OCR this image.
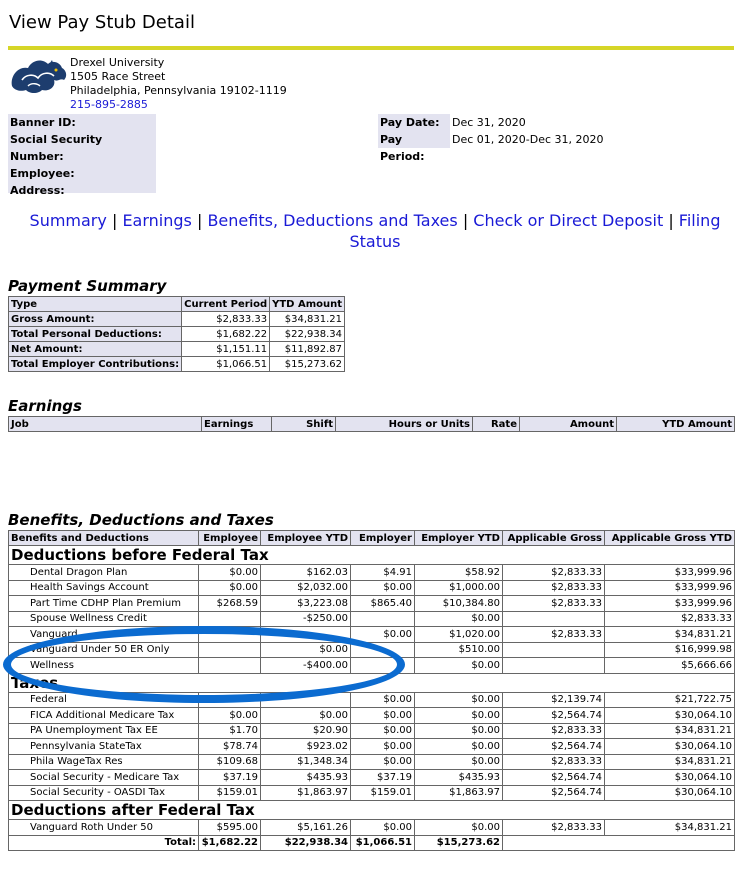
View Pay Stub Detail
Drexel University
1505 Race Street
Philadelphia, Pennsylvania 19102-1119
215-895-2885
Banner ID:
Social Security Number:
Employee:
Address:
Pay Date:
Pay Period:
Dec 31, 2020
Dec 01, 2020-Dec 31, 2020
Summary | Earnings | Benefits, Deductions and Taxes | Check or Direct Deposit | Filing Status
Payment Summary
Type	Current Period	YTD Amount
Gross Amount:	$2,833.33	$34,831.21
Total Personal Deductions:	$1,682.22	$22,938.34
Net Amount:	$1,151.11	$11,892.87
Total Employer Contributions:	$1,066.51	$15,273.62
Earnings
Job	Earnings	Shift	Hours or Units	Rate	Amount	YTD Amount
Benefits, Deductions and Taxes
Benefits and Deductions	Employee	Employee YTD	Employer	Employer YTD	Applicable Gross	Applicable Gross YTD
Deductions before Federal Tax						
Dental Dragon Plan	$0.00	$162.03	$4.91	$58.92	$2,833.33	$33,999.96
Health Savings Account	$0.00	$2,032.00	$0.00	$1,000.00	$2,833.33	$33,999.96
Part Time CDHP Plan Premium	$268.59	$3,223.08	$865.40	$10,384.80	$2,833.33	$33,999.96
Spouse Wellness Credit		-$250.00		$0.00		$2,833.33
Vanguard			$0.00	$1,020.00	$2,833.33	$34,831.21
Vanguard Under 50 ER Only		$0.00		$510.00		$16,999.98
Wellness		-$400.00		$0.00		$5,666.66
Taxes						
Federal			$0.00	$0.00	$2,139.74	$21,722.75
FICA Additional Medicare Tax	$0.00	$0.00	$0.00	$0.00	$2,564.74	$30,064.10
PA Unemployment Tax EE	$1.70	$20.90	$0.00	$0.00	$2,833.33	$34,831.21
Pennsylvania StateTax	$78.74	$923.02	$0.00	$0.00	$2,564.74	$30,064.10
Phila WageTax Res	$109.68	$1,348.34	$0.00	$0.00	$2,833.33	$34,831.21
Social Security - Medicare Tax	$37.19	$435.93	$37.19	$435.93	$2,564.74	$30,064.10
Social Security - OASDI Tax	$159.01	$1,863.97	$159.01	$1,863.97	$2,564.74	$30,064.10
Deductions after Federal Tax						
Vanguard Roth Under 50	$595.00	$5,161.26	$0.00	$0.00	$2,833.33	$34,831.21
Total:	$1,682.22	$22,938.34	$1,066.51	$15,273.62		
